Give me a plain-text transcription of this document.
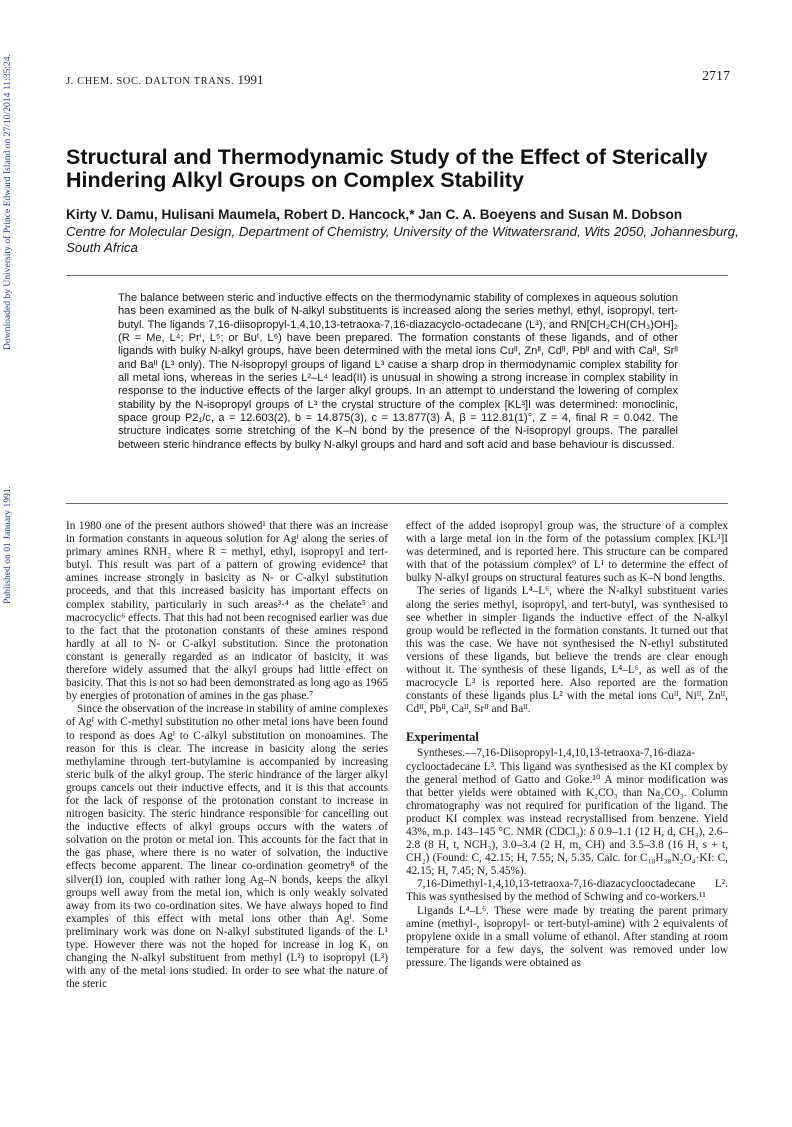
Downloaded by University of Prince Edward Island on 27/10/2014 11:35:24.
Published on 01 January 1991.
J. CHEM. SOC. DALTON TRANS. 1991	2717
Structural and Thermodynamic Study of the Effect of Sterically Hindering Alkyl Groups on Complex Stability
Kirty V. Damu, Hulisani Maumela, Robert D. Hancock,* Jan C. A. Boeyens and Susan M. Dobson
Centre for Molecular Design, Department of Chemistry, University of the Witwatersrand, Wits 2050, Johannesburg, South Africa

The balance between steric and inductive effects on the thermodynamic stability of complexes in aqueous solution has been examined as the bulk of N-alkyl substituents is increased along the series methyl, ethyl, isopropyl, tert-butyl. The ligands 7,16-diisopropyl-1,4,10,13-tetraoxa-7,16-diazacyclo-octadecane (L³), and RN[CH₂CH(CH₃)OH]₂ (R = Me, L⁴; Prⁱ, L⁵; or Buᵗ, L⁶) have been prepared. The formation constants of these ligands, and of other ligands with bulky N-alkyl groups, have been determined with the metal ions Cuᴵᴵ, Znᴵᴵ, Cdᴵᴵ, Pbᴵᴵ and with Caᴵᴵ, Srᴵᴵ and Baᴵᴵ (L³ only). The N-isopropyl groups of ligand L³ cause a sharp drop in thermodynamic complex stability for all metal ions, whereas in the series L²–L⁴ lead(II) is unusual in showing a strong increase in complex stability in response to the inductive effects of the larger alkyl groups. In an attempt to understand the lowering of complex stability by the N-isopropyl groups of L³ the crystal structure of the complex [KL³]I was determined: monoclinic, space group P2₁/c, a = 12.603(2), b = 14.875(3), c = 13.877(3) Å, β = 112.81(1)°, Z = 4, final R = 0.042. The structure indicates some stretching of the K–N bond by the presence of the N-isopropyl groups. The parallel between steric hindrance effects by bulky N-alkyl groups and hard and soft acid and base behaviour is discussed.

In 1980 one of the present authors showed¹ that there was an increase in formation constants in aqueous solution for Agᴵ along the series of primary amines RNH₂ where R = methyl, ethyl, isopropyl and tert-butyl. This result was part of a pattern of growing evidence² that amines increase strongly in basicity as N- or C-alkyl substitution proceeds, and that this increased basicity has important effects on complex stability, particularly in such areas³·⁴ as the chelate⁵ and macrocyclic⁶ effects. That this had not been recognised earlier was due to the fact that the protonation constants of these amines respond hardly at all to N- or C-alkyl substitution. Since the protonation constant is generally regarded as an indicator of basicity, it was therefore widely assumed that the alkyl groups had little effect on basicity. That this is not so had been demonstrated as long ago as 1965 by energies of protonation of amines in the gas phase.⁷

Since the observation of the increase in stability of amine complexes of Agᴵ with C-methyl substitution no other metal ions have been found to respond as does Agᴵ to C-alkyl substitution on monoamines. The reason for this is clear. The increase in basicity along the series methylamine through tert-butylamine is accompanied by increasing steric bulk of the alkyl group. The steric hindrance of the larger alkyl groups cancels out their inductive effects, and it is this that accounts for the lack of response of the protonation constant to increase in nitrogen basicity. The steric hindrance responsible for cancelling out the inductive effects of alkyl groups occurs with the waters of solvation on the proton or metal ion. This accounts for the fact that in the gas phase, where there is no water of solvation, the inductive effects become apparent. The linear co-ordination geometry⁸ of the silver(I) ion, coupled with rather long Ag–N bonds, keeps the alkyl groups well away from the metal ion, which is only weakly solvated away from its two co-ordination sites. We have always hoped to find examples of this effect with metal ions other than Agᴵ. Some preliminary work was done on N-alkyl substituted ligands of the L¹ type. However there was not the hoped for increase in log K₁ on changing the N-alkyl substituent from methyl (L²) to isopropyl (L³) with any of the metal ions studied. In order to see what the nature of the steric

effect of the added isopropyl group was, the structure of a complex with a large metal ion in the form of the potassium complex [KL³]I was determined, and is reported here. This structure can be compared with that of the potassium complex⁹ of L¹ to determine the effect of bulky N-alkyl groups on structural features such as K–N bond lengths.

The series of ligands L⁴–L⁶, where the N-alkyl substituent varies along the series methyl, isopropyl, and tert-butyl, was synthesised to see whether in simpler ligands the inductive effect of the N-alkyl group would be reflected in the formation constants. It turned out that this was the case. We have not synthesised the N-ethyl substituted versions of these ligands, but believe the trends are clear enough without it. The synthesis of these ligands, L⁴–L⁶, as well as of the macrocycle L³ is reported here. Also reported are the formation constants of these ligands plus L² with the metal ions Cuᴵᴵ, Niᴵᴵ, Znᴵᴵ, Cdᴵᴵ, Pbᴵᴵ, Caᴵᴵ, Srᴵᴵ and Baᴵᴵ.

Experimental

Syntheses.—7,16-Diisopropyl-1,4,10,13-tetraoxa-7,16-diaza-cyclooctadecane L³. This ligand was synthesised as the KI complex by the general method of Gatto and Goke.¹⁰ A minor modification was that better yields were obtained with K₂CO₃ than Na₂CO₃. Column chromatography was not required for purification of the ligand. The product KI complex was instead recrystallised from benzene. Yield 43%, m.p. 143–145 °C. NMR (CDCl₃): δ 0.9–1.1 (12 H, d, CH₃), 2.6–2.8 (8 H, t, NCH₃), 3.0–3.4 (2 H, m, CH) and 3.5–3.8 (16 H, s + t, CH₂) (Found: C, 42.15; H, 7.55; N, 5.35. Calc. for C₁₈H₃₈N₂O₄·KI: C, 42.15; H, 7.45; N, 5.45%).

7,16-Dimethyl-1,4,10,13-tetraoxa-7,16-diazacyclooctadecane L². This was synthesised by the method of Schwing and co-workers.¹¹

Ligands L⁴–L⁶. These were made by treating the parent primary amine (methyl-, isopropyl- or tert-butyl-amine) with 2 equivalents of propylene oxide in a small volume of ethanol. After standing at room temperature for a few days, the solvent was removed under low pressure. The ligands were obtained as
